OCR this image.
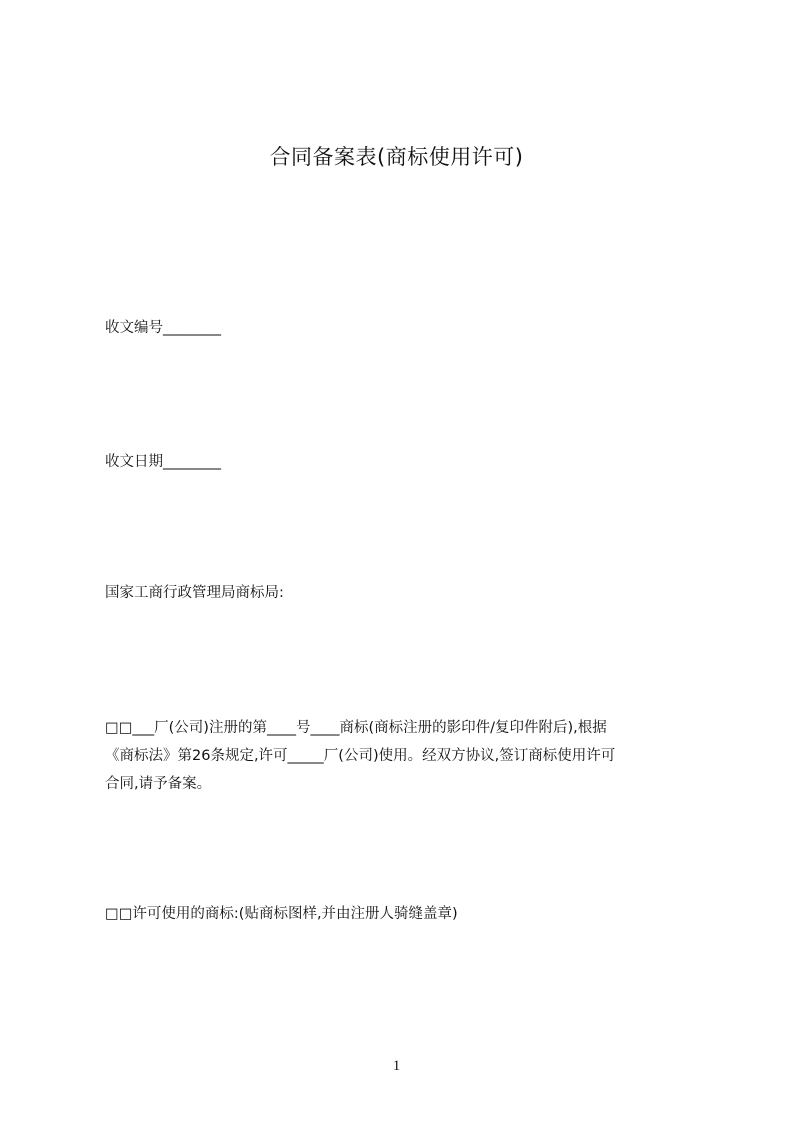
合同备案表(商标使用许可)
收文编号________
收文日期________
国家工商行政管理局商标局:
□□___厂(公司)注册的第____号____商标(商标注册的影印件/复印件附后),根据
《商标法》第26条规定,许可_____厂(公司)使用。经双方协议,签订商标使用许可
合同,请予备案。
□□许可使用的商标:(贴商标图样,并由注册人骑缝盖章)
1
